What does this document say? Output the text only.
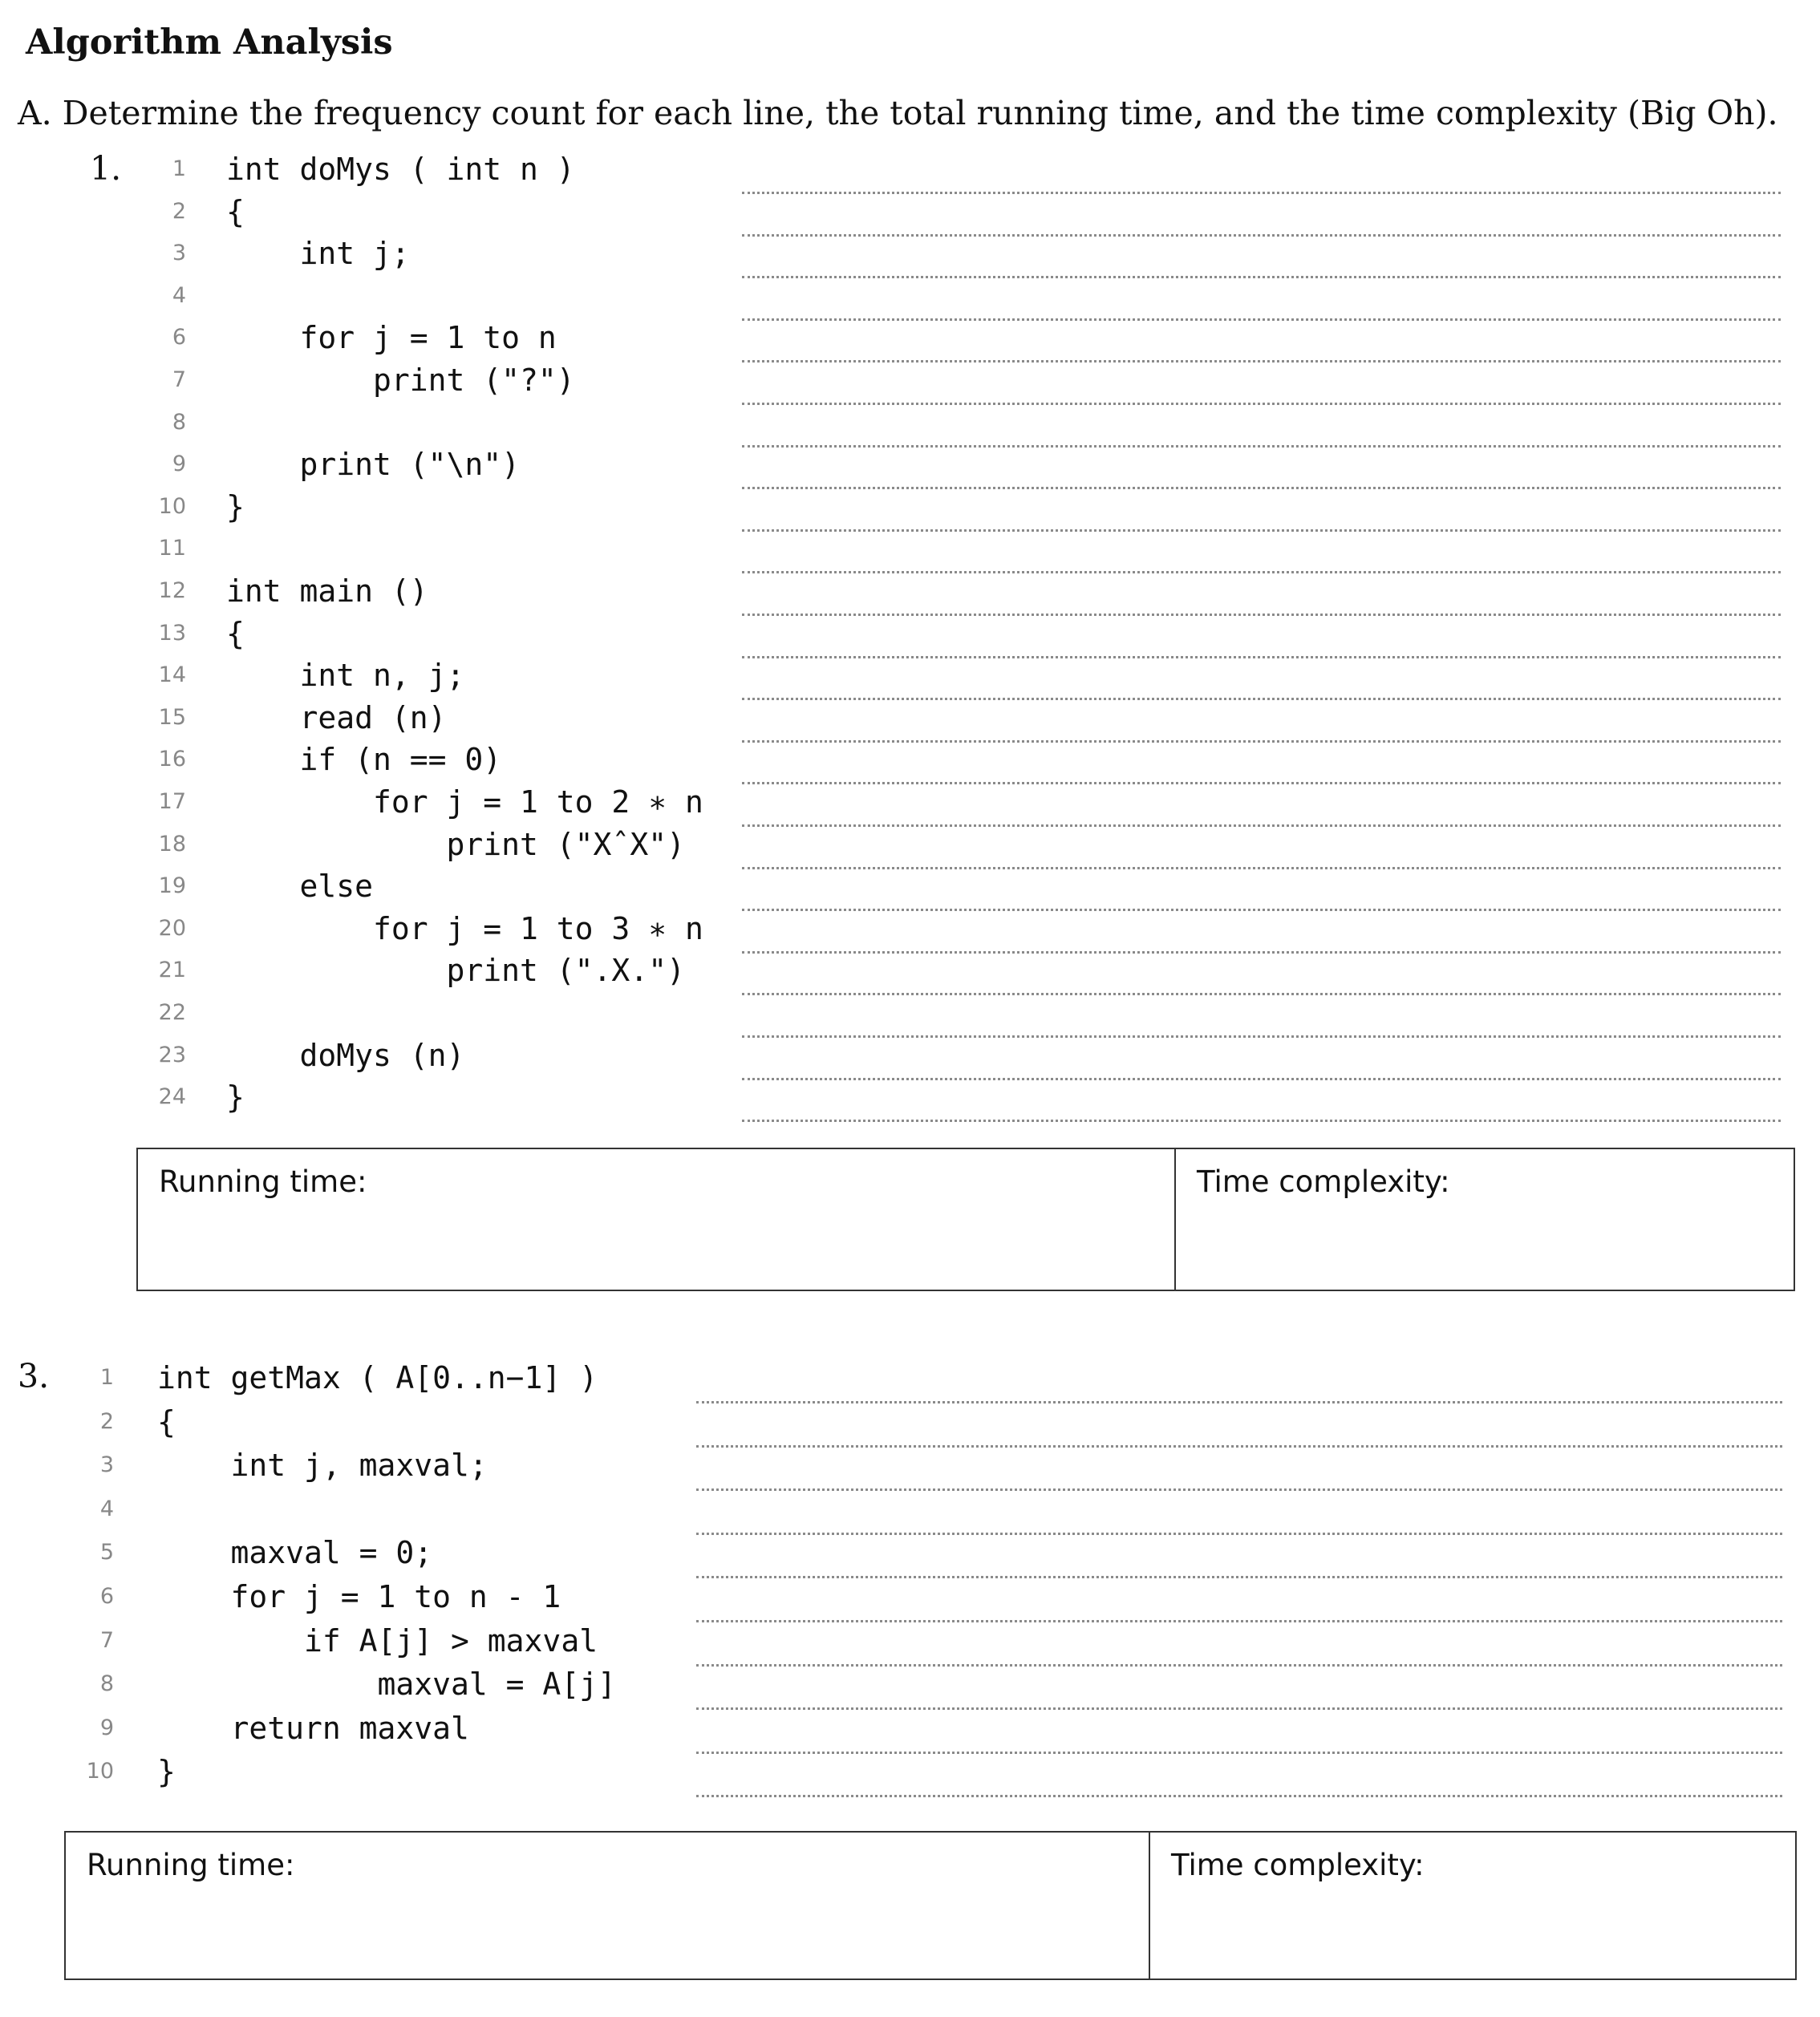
Algorithm Analysis
A. Determine the frequency count for each line, the total running time, and the time complexity (Big Oh).
1.	1 int doMys ( int n )
2 {
3 int j;
4
6 for j = 1 to n
7 print ("?")
8
9 print ("\n")
10 }
11
12 int main ()
13 {
14 int n, j;
15 read (n)
16 if (n == 0)
17 for j = 1 to 2 ∗ n
18 print ("XˆX")
19 else
20 for j = 1 to 3 ∗ n
21 print (".X.")
22
23 doMys (n)
24 }
Running time:	Time complexity:
3.	1 int getMax ( A[0..n−1] )
2 {
3 int j, maxval;
4
5 maxval = 0;
6 for j = 1 to n - 1
7 if A[j] > maxval
8 maxval = A[j]
9 return maxval
10 }
Running time:	Time complexity:
